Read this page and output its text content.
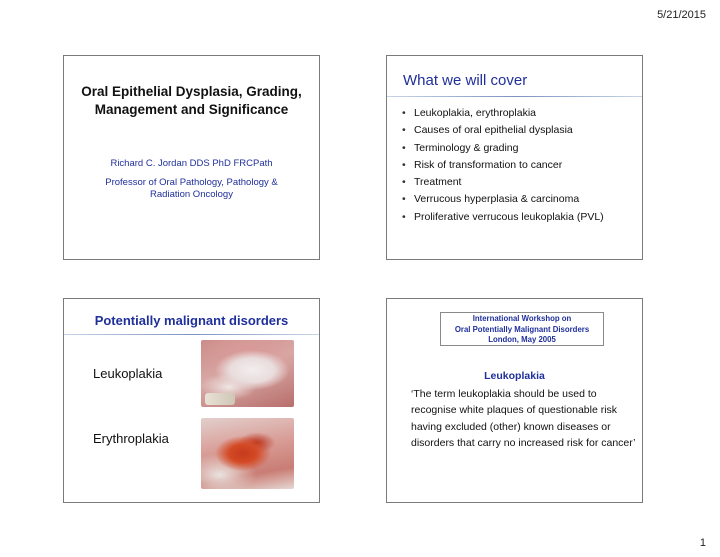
5/21/2015
Oral Epithelial Dysplasia, Grading,
Management and Significance
Richard C. Jordan DDS PhD FRCPath
Professor of Oral Pathology, Pathology &
Radiation Oncology
What we will cover
• Leukoplakia, erythroplakia
• Causes of oral epithelial dysplasia
• Terminology & grading
• Risk of transformation to cancer
• Treatment
• Verrucous hyperplasia & carcinoma
• Proliferative verrucous leukoplakia (PVL)
Potentially malignant disorders
Leukoplakia
Erythroplakia
International Workshop on
Oral Potentially Malignant Disorders
London, May 2005
Leukoplakia
‘The term leukoplakia should be used to recognise white plaques of questionable risk having excluded (other) known diseases or disorders that carry no increased risk for cancer’
1
